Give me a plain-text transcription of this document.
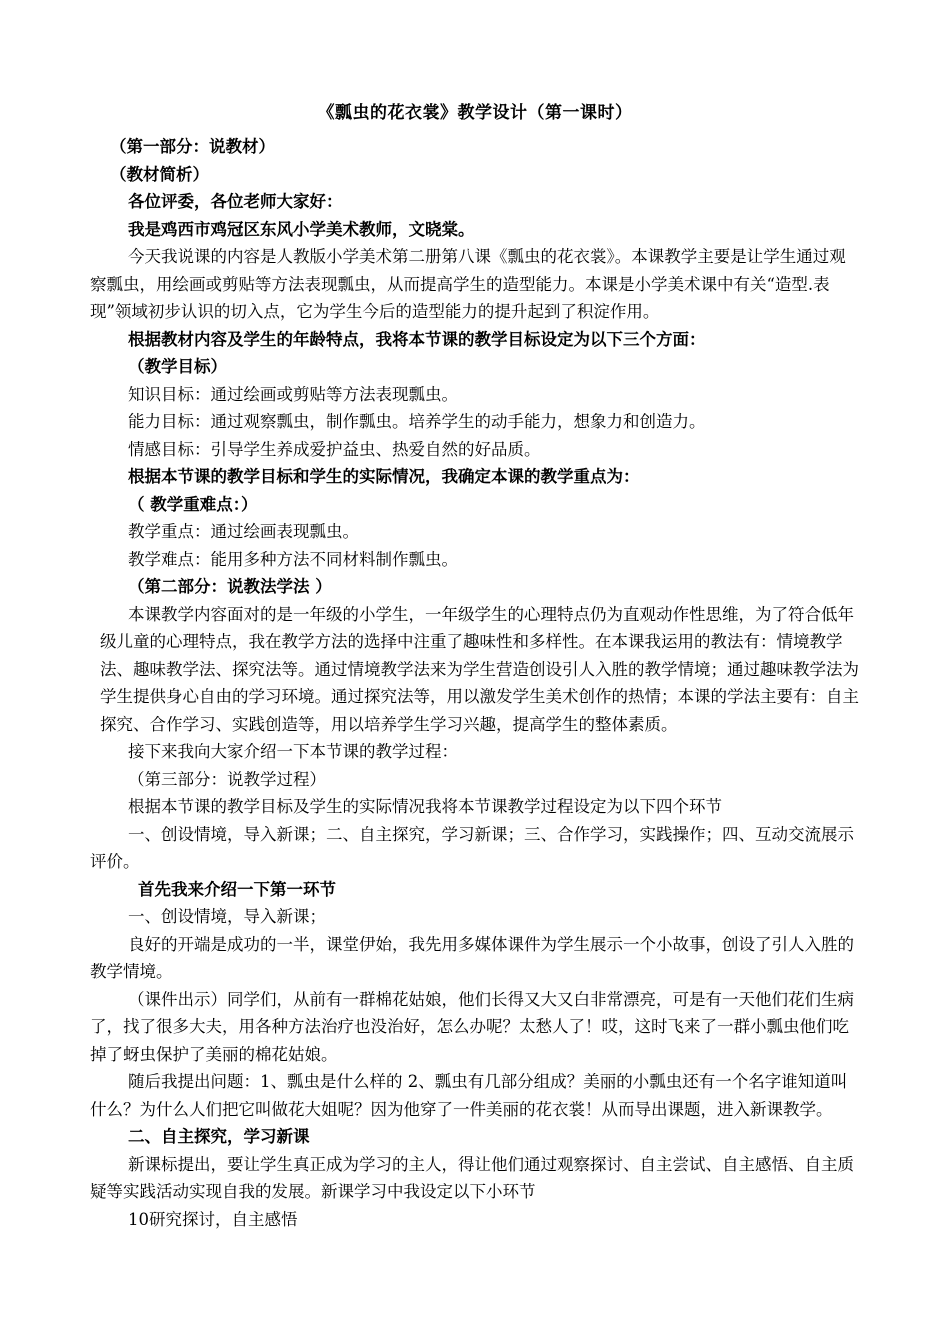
《瓢虫的花衣裳》教学设计（第一课时）

（第一部分：说教材）

（教材简析）

各位评委，各位老师大家好：

我是鸡西市鸡冠区东风小学美术教师，文晓棠。

今天我说课的内容是人教版小学美术第二册第八课《瓢虫的花衣裳》。本课教学主要是让学生通过观察瓢虫，用绘画或剪贴等方法表现瓢虫，从而提高学生的造型能力。本课是小学美术课中有关“造型.表现”领域初步认识的切入点，它为学生今后的造型能力的提升起到了积淀作用。

根据教材内容及学生的年龄特点，我将本节课的教学目标设定为以下三个方面：

（教学目标）

知识目标：通过绘画或剪贴等方法表现瓢虫。

能力目标：通过观察瓢虫，制作瓢虫。培养学生的动手能力，想象力和创造力。

情感目标：引导学生养成爱护益虫、热爱自然的好品质。

根据本节课的教学目标和学生的实际情况，我确定本课的教学重点为：

（ 教学重难点：）

教学重点：通过绘画表现瓢虫。

教学难点：能用多种方法不同材料制作瓢虫。

（第二部分：说教法学法 ）

本课教学内容面对的是一年级的小学生，一年级学生的心理特点仍为直观动作性思维，为了符合低年级儿童的心理特点，我在教学方法的选择中注重了趣味性和多样性。在本课我运用的教法有：情境教学法、趣味教学法、探究法等。通过情境教学法来为学生营造创设引人入胜的教学情境；通过趣味教学法为学生提供身心自由的学习环境。通过探究法等，用以激发学生美术创作的热情；本课的学法主要有：自主探究、合作学习、实践创造等，用以培养学生学习兴趣，提高学生的整体素质。

接下来我向大家介绍一下本节课的教学过程：

（第三部分：说教学过程）

根据本节课的教学目标及学生的实际情况我将本节课教学过程设定为以下四个环节

一、创设情境，导入新课；二、自主探究，学习新课；三、合作学习，实践操作；四、互动交流展示评价。

首先我来介绍一下第一环节

一、创设情境，导入新课；

良好的开端是成功的一半，课堂伊始，我先用多媒体课件为学生展示一个小故事，创设了引人入胜的教学情境。

（课件出示）同学们，从前有一群棉花姑娘，他们长得又大又白非常漂亮，可是有一天他们花们生病了，找了很多大夫，用各种方法治疗也没治好，怎么办呢？太愁人了！哎，这时飞来了一群小瓢虫他们吃掉了蚜虫保护了美丽的棉花姑娘。

随后我提出问题：1、瓢虫是什么样的 2、瓢虫有几部分组成？美丽的小瓢虫还有一个名字谁知道叫什么？为什么人们把它叫做花大姐呢？因为他穿了一件美丽的花衣裳！从而导出课题，进入新课教学。

二、自主探究，学习新课

新课标提出，要让学生真正成为学习的主人，得让他们通过观察探讨、自主尝试、自主感悟、自主质疑等实践活动实现自我的发展。新课学习中我设定以下小环节

10研究探讨，自主感悟
